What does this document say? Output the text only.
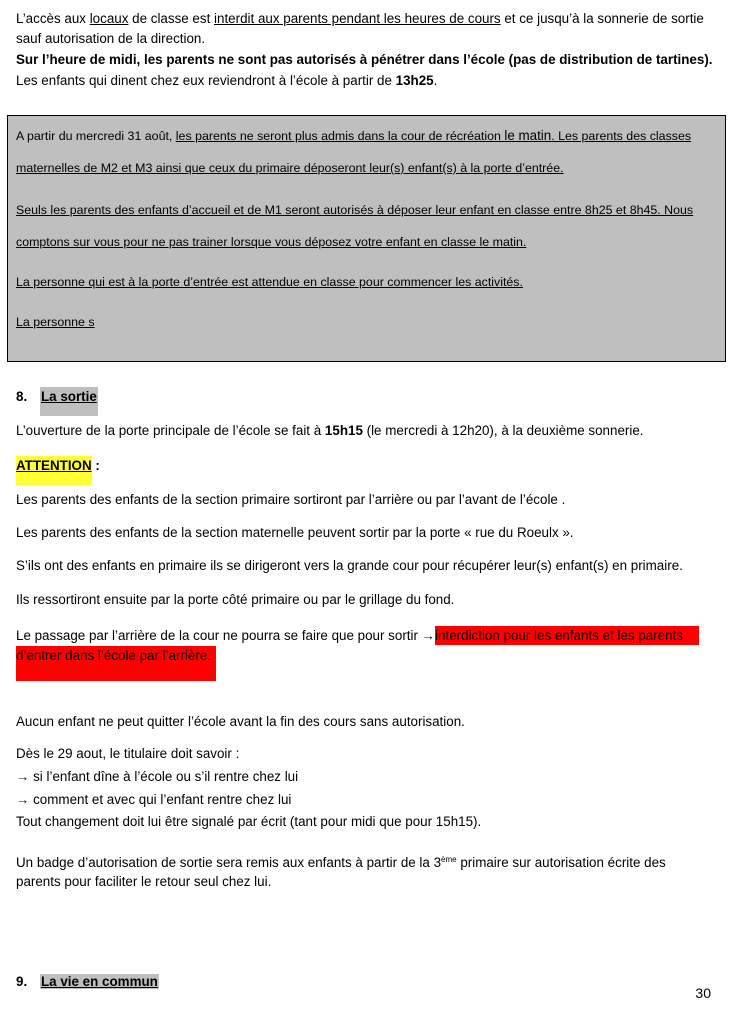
L’accès aux locaux de classe est interdit aux parents pendant les heures de cours et ce jusqu’à la sonnerie de sortie
sauf autorisation de la direction.
Sur l’heure de midi, les parents ne sont pas autorisés à pénétrer dans l’école (pas de distribution de tartines).
Les enfants qui dinent chez eux reviendront à l’école à partir de 13h25.
A partir du mercredi 31 août, les parents ne seront plus admis dans la cour de récréation le matin. Les parents des classes
maternelles de M2 et M3 ainsi que ceux du primaire déposeront leur(s) enfant(s) à la porte d’entrée.
Seuls les parents des enfants d’accueil et de M1 seront autorisés à déposer leur enfant en classe entre 8h25 et 8h45. Nous
comptons sur vous pour ne pas trainer lorsque vous déposez votre enfant en classe le matin.
La personne qui est à la porte d’entrée est attendue en classe pour commencer les activités.
La personne s
8. La sortie
L’ouverture de la porte principale de l’école se fait à 15h15 (le mercredi à 12h20), à la deuxième sonnerie.
ATTENTION :
Les parents des enfants de la section primaire sortiront par l’arrière ou par l’avant de l’école .
Les parents des enfants de la section maternelle peuvent sortir par la porte « rue du Roeulx ».
S’ils ont des enfants en primaire ils se dirigeront vers la grande cour pour récupérer leur(s) enfant(s) en primaire.
Ils ressortiront ensuite par la porte côté primaire ou par le grillage du fond.
Le passage par l’arrière de la cour ne pourra se faire que pour sortir →interdiction pour les enfants et les parents
d’entrer dans l’école par l’arrière.
Aucun enfant ne peut quitter l’école avant la fin des cours sans autorisation.
Dès le 29 aout, le titulaire doit savoir :
→ si l’enfant dîne à l’école ou s’il rentre chez lui
→ comment et avec qui l’enfant rentre chez lui
Tout changement doit lui être signalé par écrit (tant pour midi que pour 15h15).
Un badge d’autorisation de sortie sera remis aux enfants à partir de la 3ème primaire sur autorisation écrite des
parents pour faciliter le retour seul chez lui.
9. La vie en commun
30
